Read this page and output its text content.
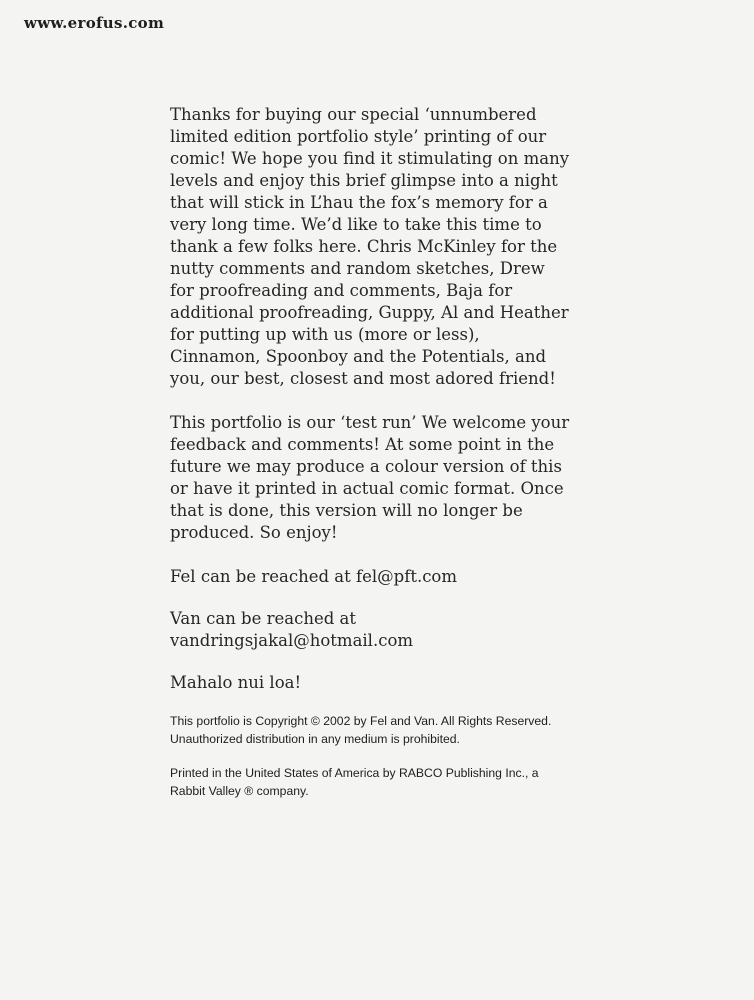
www.erofus.com

Thanks for buying our special ‘unnumbered limited edition portfolio style’ printing of our comic! We hope you find it stimulating on many levels and enjoy this brief glimpse into a night that will stick in L’hau the fox’s memory for a very long time. We’d like to take this time to thank a few folks here. Chris McKinley for the nutty comments and random sketches, Drew for proofreading and comments, Baja for additional proofreading, Guppy, Al and Heather for putting up with us (more or less), Cinnamon, Spoonboy and the Potentials, and you, our best, closest and most adored friend!

This portfolio is our ‘test run’ We welcome your feedback and comments! At some point in the future we may produce a colour version of this or have it printed in actual comic format. Once that is done, this version will no longer be produced. So enjoy!

Fel can be reached at fel@pft.com

Van can be reached at vandringsjakal@hotmail.com

Mahalo nui loa!

This portfolio is Copyright © 2002 by Fel and Van. All Rights Reserved. Unauthorized distribution in any medium is prohibited.

Printed in the United States of America by RABCO Publishing Inc., a Rabbit Valley ® company.
